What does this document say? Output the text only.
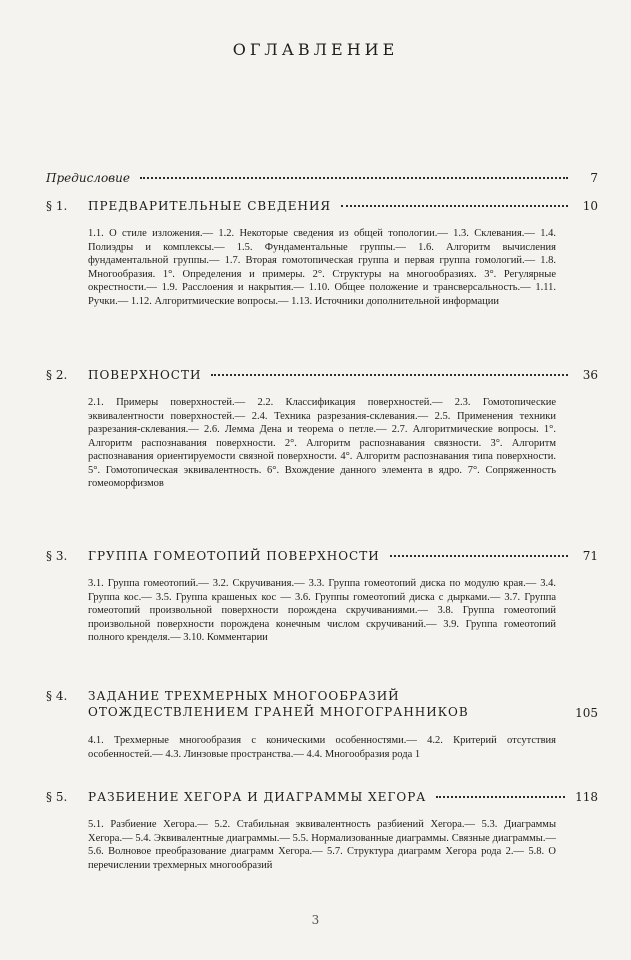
ОГЛАВЛЕНИЕ
Предисловие	7
§ 1.	ПРЕДВАРИТЕЛЬНЫЕ СВЕДЕНИЯ	10
1.1. О стиле изложения.— 1.2. Некоторые сведения из общей топологии.— 1.3. Склевания.— 1.4. Полиэдры и комплексы.— 1.5. Фундаментальные группы.— 1.6. Алгоритм вычисления фундаментальной группы.— 1.7. Вторая гомотопическая группа и первая группа гомологий.— 1.8. Многообразия. 1°. Определения и примеры. 2°. Структуры на многообразиях. 3°. Регулярные окрестности.— 1.9. Расслоения и накрытия.— 1.10. Общее положение и трансверсальность.— 1.11. Ручки.— 1.12. Алгоритмические вопросы.— 1.13. Источники дополнительной информации
§ 2.	ПОВЕРХНОСТИ	36
2.1. Примеры поверхностей.— 2.2. Классификация поверхностей.— 2.3. Гомотопические эквивалентности поверхностей.— 2.4. Техника разрезания-склевания.— 2.5. Применения техники разрезания-склевания.— 2.6. Лемма Дена и теорема о петле.— 2.7. Алгоритмические вопросы. 1°. Алгоритм распознавания поверхности. 2°. Алгоритм распознавания связности. 3°. Алгоритм распознавания ориентируемости связной поверхности. 4°. Алгоритм распознавания типа поверхности. 5°. Гомотопическая эквивалентность. 6°. Вхождение данного элемента в ядро. 7°. Сопряженность гомеоморфизмов
§ 3.	ГРУППА ГОМЕОТОПИЙ ПОВЕРХНОСТИ	71
3.1. Группа гомеотопий.— 3.2. Скручивания.— 3.3. Группа гомеотопий диска по модулю края.— 3.4. Группа кос.— 3.5. Группа крашеных кос — 3.6. Группы гомеотопий диска с дырками.— 3.7. Группа гомеотопий произвольной поверхности порождена скручиваниями.— 3.8. Группа гомеотопий произвольной поверхности порождена конечным числом скручиваний.— 3.9. Группа гомеотопий полного кренделя.— 3.10. Комментарии
§ 4.	ЗАДАНИЕ ТРЕХМЕРНЫХ МНОГООБРАЗИЙ ОТОЖДЕСТВЛЕНИЕМ ГРАНЕЙ МНОГОГРАННИКОВ	105
4.1. Трехмерные многообразия с коническими особенностями.— 4.2. Критерий отсутствия особенностей.— 4.3. Линзовые пространства.— 4.4. Многообразия рода 1
§ 5.	РАЗБИЕНИЕ ХЕГОРА И ДИАГРАММЫ ХЕГОРА	118
5.1. Разбиение Хегора.— 5.2. Стабильная эквивалентность разбиений Хегора.— 5.3. Диаграммы Хегора.— 5.4. Эквивалентные диаграммы.— 5.5. Нормализованные диаграммы. Связные диаграммы.— 5.6. Волновое преобразование диаграмм Хегора.— 5.7. Структура диаграмм Хегора рода 2.— 5.8. О перечислении трехмерных многообразий
3
